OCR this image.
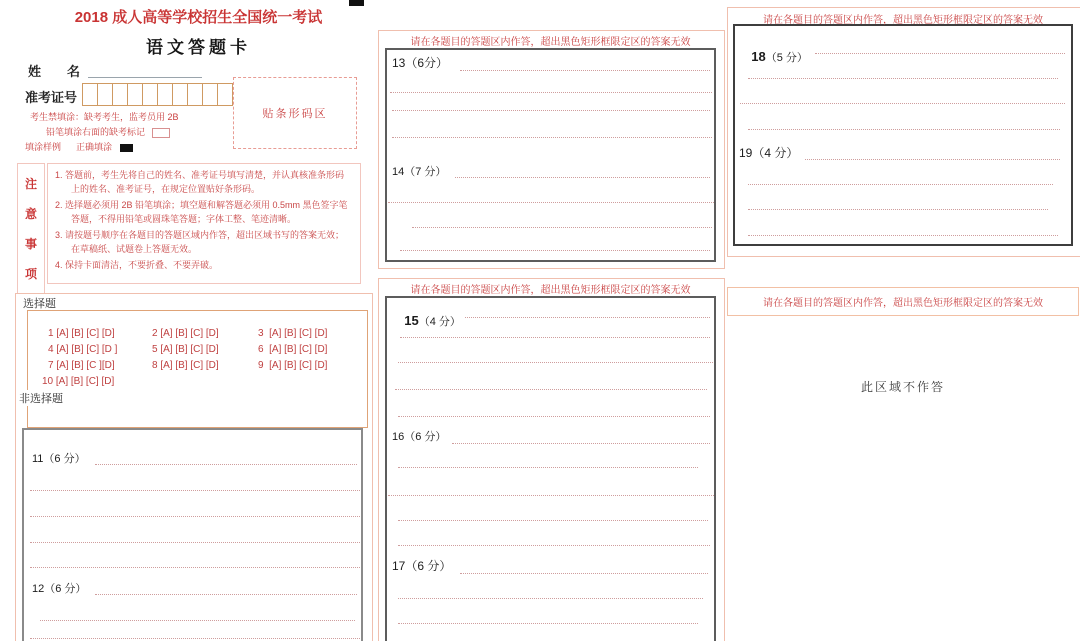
2018 成人高等学校招生全国统一考试
语文答题卡
姓　　名
准考证号
考生禁填涂：缺考考生，监考员用 2B
铅笔填涂右面的缺考标记
填涂样例 正确填涂
贴条形码区
注
意
事
项
1. 答题前，考生先将自己的姓名、准考证号填写清楚，并认真核准条形码上的姓名、准考证号，在规定位置贴好条形码。
2. 选择题必须用 2B 铅笔填涂；填空题和解答题必须用 0.5mm 黑色签字笔答题，不得用铅笔或圆珠笔答题；字体工整、笔迹清晰。
3. 请按题号顺序在各题目的答题区域内作答，超出区域书写的答案无效；在草稿纸、试题卷上答题无效。
4. 保持卡面清洁，不要折叠、不要弄破。
选择题
1 [A] [B] [C] [D]	2 [A] [B] [C] [D]	3  [A] [B] [C] [D]
4 [A] [B] [C] [D ]	5 [A] [B] [C] [D]	6  [A] [B] [C] [D]
7 [A] [B] [C ][D]	8 [A] [B] [C] [D]	9  [A] [B] [C] [D]
10 [A] [B] [C] [D]
非选择题
11（6 分）
12（6 分）
请在各题目的答题区内作答，超出黑色矩形框限定区的答案无效
13（6分）
14（7 分）
请在各题目的答题区内作答，超出黑色矩形框限定区的答案无效

15（4 分）

16（6 分）
17（6 分）
请在各题目的答题区内作答，超出黑色矩形框限定区的答案无效

18（5 分）

19（4 分）
请在各题目的答题区内作答，超出黑色矩形框限定区的答案无效
此区域不作答
